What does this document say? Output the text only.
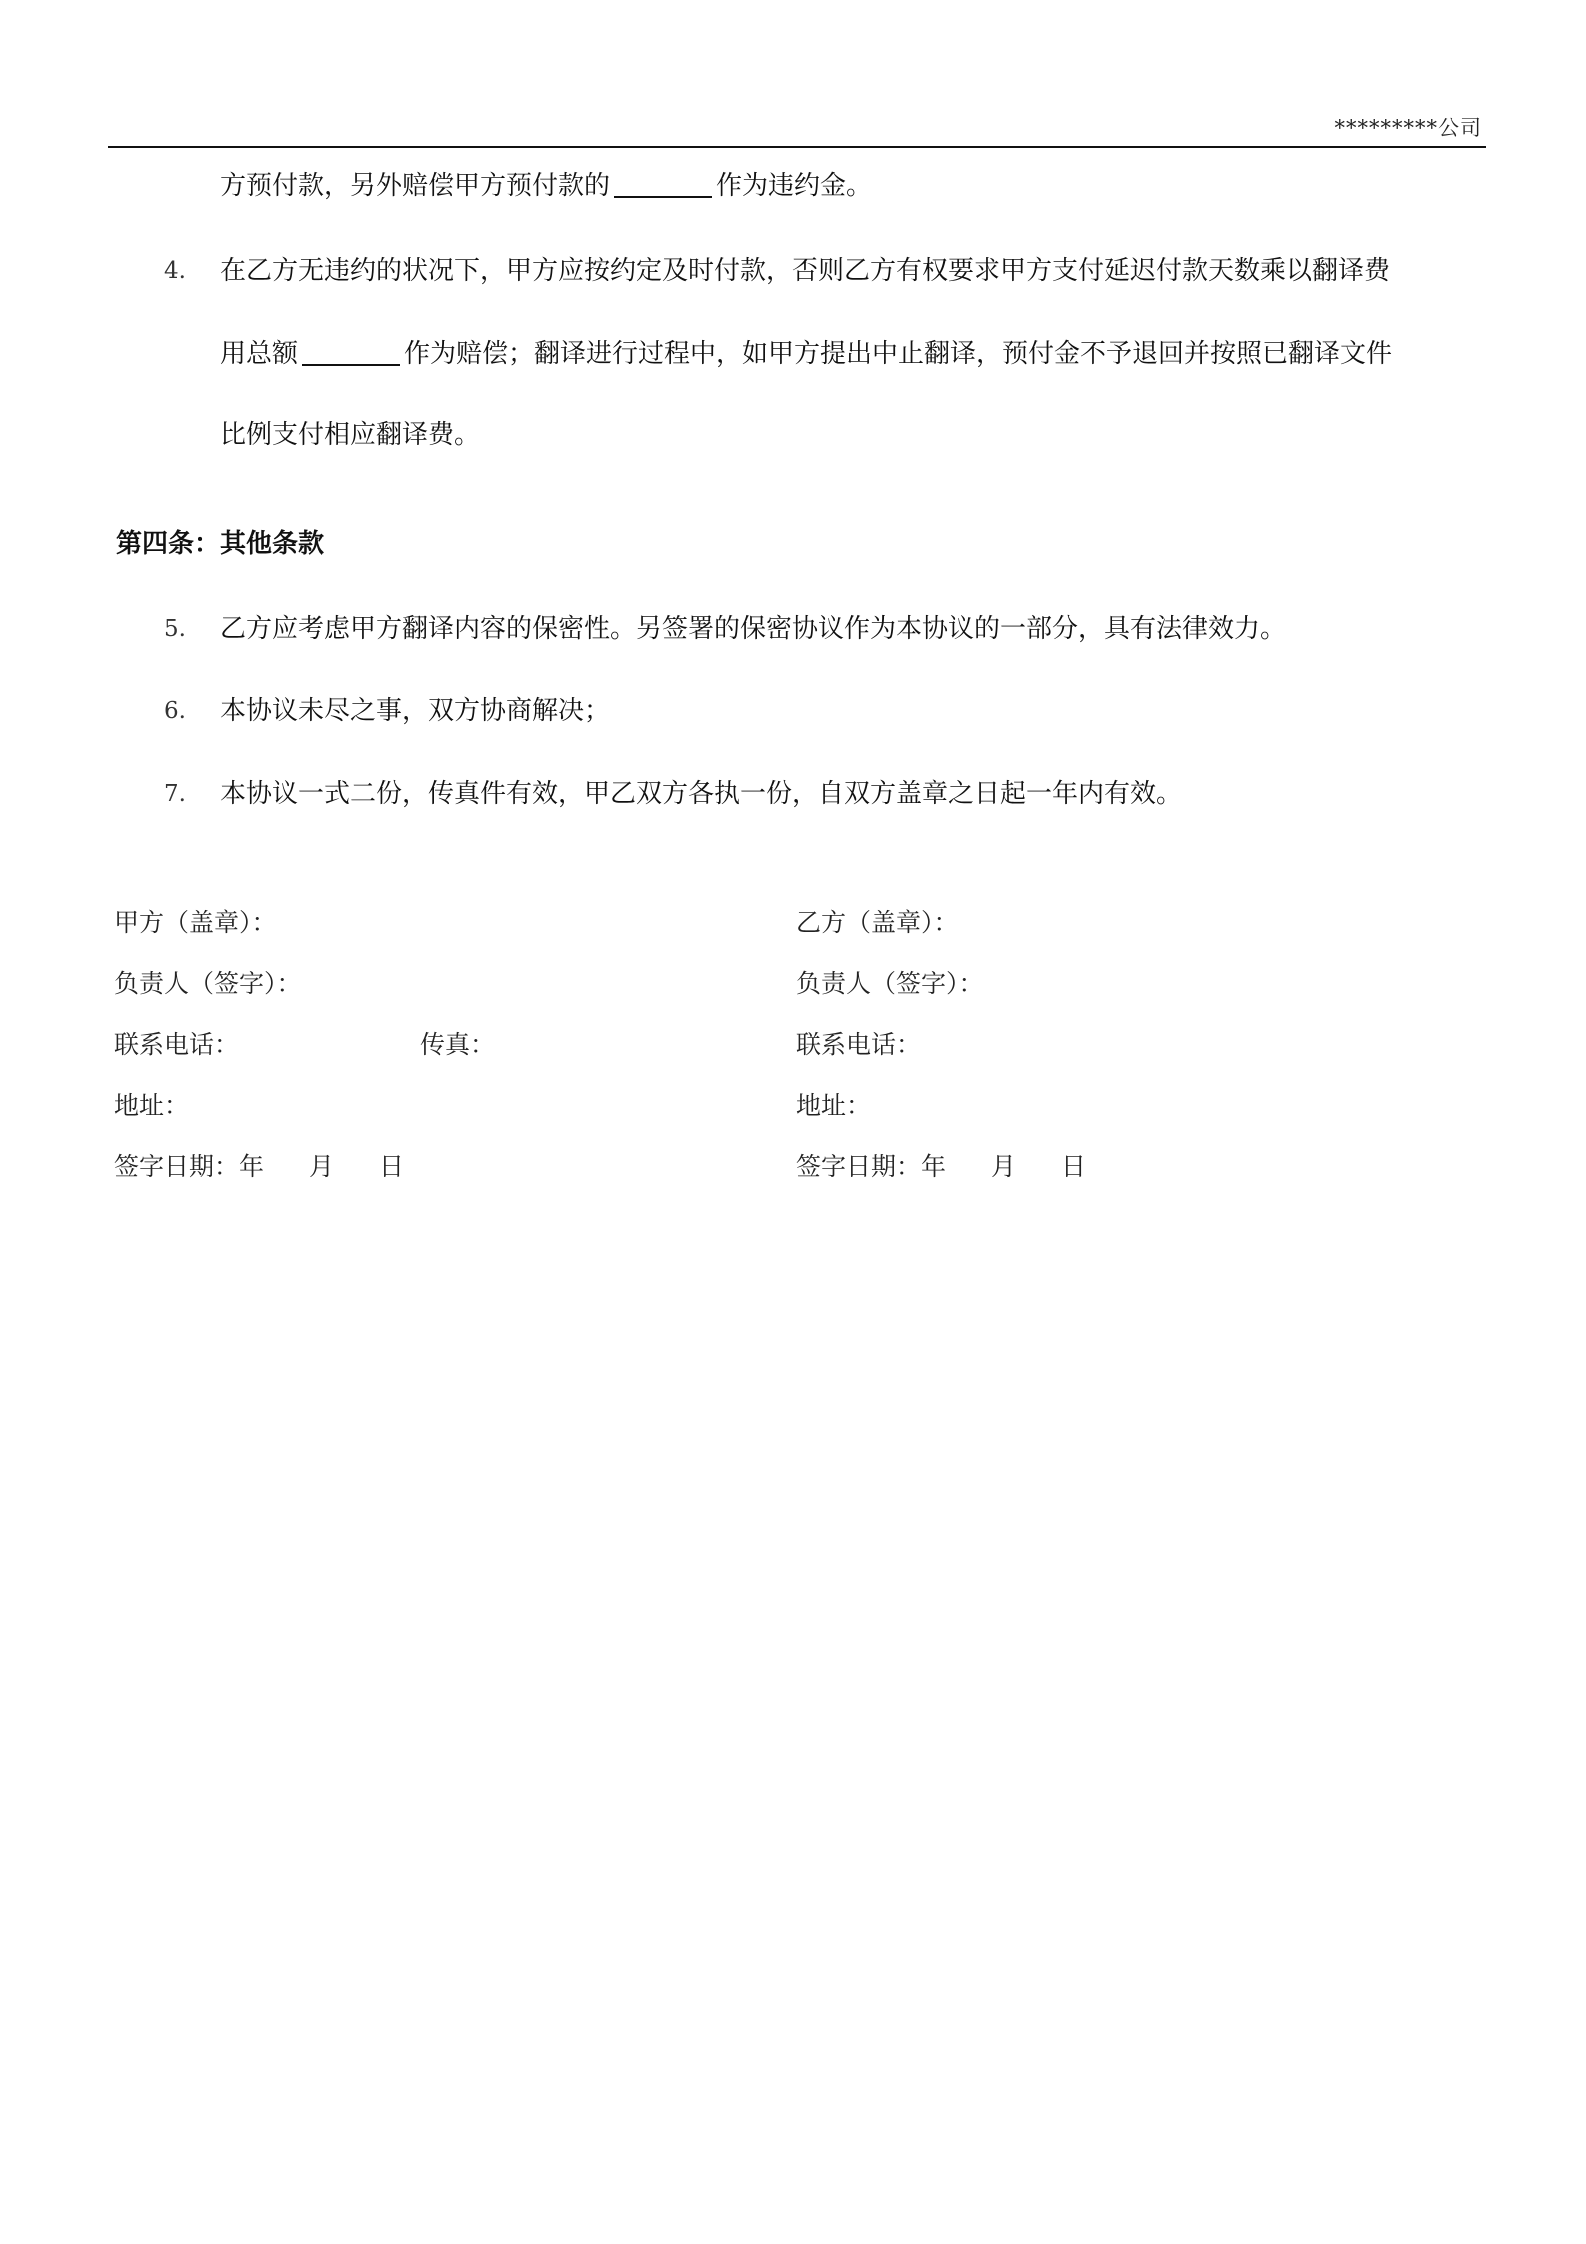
*********公司
方预付款，另外赔偿甲方预付款的	作为违约金。
4. 在乙方无违约的状况下，甲方应按约定及时付款，否则乙方有权要求甲方支付延迟付款天数乘以翻译费
用总额	作为赔偿；翻译进行过程中，如甲方提出中止翻译，预付金不予退回并按照已翻译文件
比例支付相应翻译费。
第四条：其他条款
5. 乙方应考虑甲方翻译内容的保密性。另签署的保密协议作为本协议的一部分，具有法律效力。
6. 本协议未尽之事，双方协商解决；
7. 本协议一式二份，传真件有效，甲乙双方各执一份，自双方盖章之日起一年内有效。
甲方（盖章）：
负责人（签字）：
联系电话：	传真：
地址：
签字日期：年 月 日
乙方（盖章）：
负责人（签字）：
联系电话：
地址：
签字日期：年 月 日
